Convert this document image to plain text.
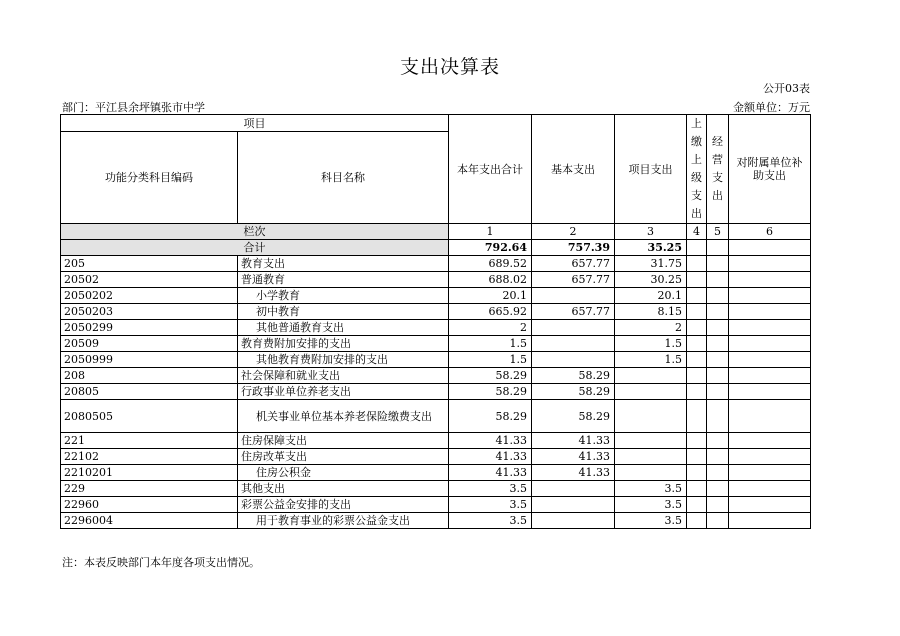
支出决算表
公开03表
部门：平江县余坪镇张市中学	金额单位：万元
项目		本年支出合计	基本支出	项目支出	上缴上级支出	经营支出	对附属单位补助支出
功能分类科目编码	科目名称						
栏次		1	2	3	4	5	6
合计		792.64	757.39	35.25			
205	教育支出	689.52	657.77	31.75			
20502	普通教育	688.02	657.77	30.25			
2050202	小学教育	20.1		20.1			
2050203	初中教育	665.92	657.77	8.15			
2050299	其他普通教育支出	2		2			
20509	教育费附加安排的支出	1.5		1.5			
2050999	其他教育费附加安排的支出	1.5		1.5			
208	社会保障和就业支出	58.29	58.29				
20805	行政事业单位养老支出	58.29	58.29				
2080505	机关事业单位基本养老保险缴费支出	58.29	58.29				
221	住房保障支出	41.33	41.33				
22102	住房改革支出	41.33	41.33				
2210201	住房公积金	41.33	41.33				
229	其他支出	3.5		3.5			
22960	彩票公益金安排的支出	3.5		3.5			
2296004	用于教育事业的彩票公益金支出	3.5		3.5			
注：本表反映部门本年度各项支出情况。
